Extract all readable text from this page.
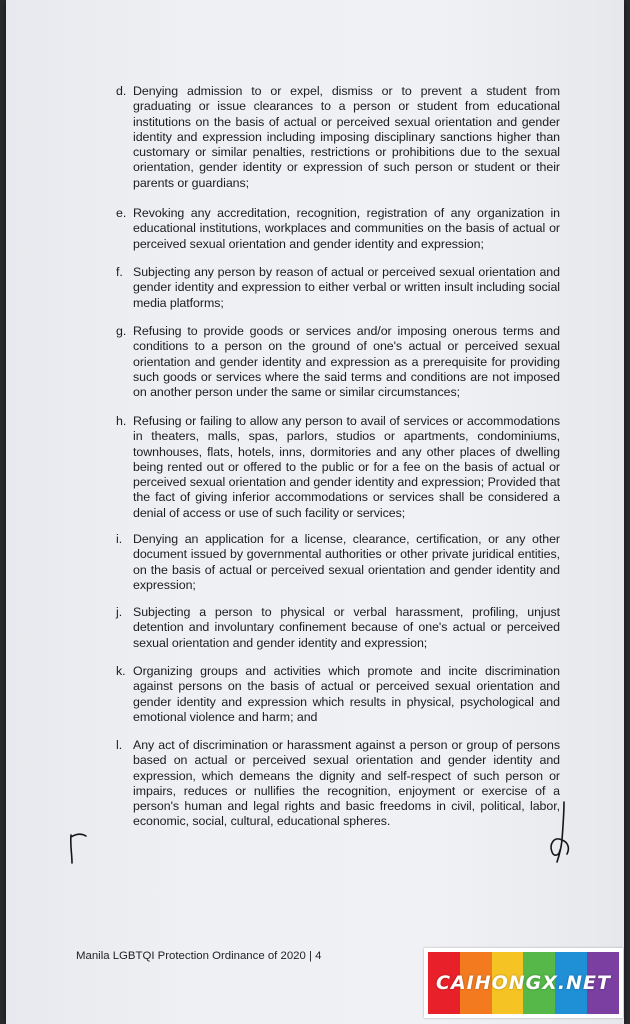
d. Denying admission to or expel, dismiss or to prevent a student from graduating or issue clearances to a person or student from educational institutions on the basis of actual or perceived sexual orientation and gender identity and expression including imposing disciplinary sanctions higher than customary or similar penalties, restrictions or prohibitions due to the sexual orientation, gender identity or expression of such person or student or their parents or guardians;
e. Revoking any accreditation, recognition, registration of any organization in educational institutions, workplaces and communities on the basis of actual or perceived sexual orientation and gender identity and expression;
f. Subjecting any person by reason of actual or perceived sexual orientation and gender identity and expression to either verbal or written insult including social media platforms;
g. Refusing to provide goods or services and/or imposing onerous terms and conditions to a person on the ground of one's actual or perceived sexual orientation and gender identity and expression as a prerequisite for providing such goods or services where the said terms and conditions are not imposed on another person under the same or similar circumstances;
h. Refusing or failing to allow any person to avail of services or accommodations in theaters, malls, spas, parlors, studios or apartments, condominiums, townhouses, flats, hotels, inns, dormitories and any other places of dwelling being rented out or offered to the public or for a fee on the basis of actual or perceived sexual orientation and gender identity and expression; Provided that the fact of giving inferior accommodations or services shall be considered a denial of access or use of such facility or services;
i. Denying an application for a license, clearance, certification, or any other document issued by governmental authorities or other private juridical entities, on the basis of actual or perceived sexual orientation and gender identity and expression;
j. Subjecting a person to physical or verbal harassment, profiling, unjust detention and involuntary confinement because of one's actual or perceived sexual orientation and gender identity and expression;
k. Organizing groups and activities which promote and incite discrimination against persons on the basis of actual or perceived sexual orientation and gender identity and expression which results in physical, psychological and emotional violence and harm; and
l. Any act of discrimination or harassment against a person or group of persons based on actual or perceived sexual orientation and gender identity and expression, which demeans the dignity and self-respect of such person or impairs, reduces or nullifies the recognition, enjoyment or exercise of a person's human and legal rights and basic freedoms in civil, political, labor, economic, social, cultural, educational spheres.
Manila LGBTQI Protection Ordinance of 2020 | 4
CAIHONGX.NET
